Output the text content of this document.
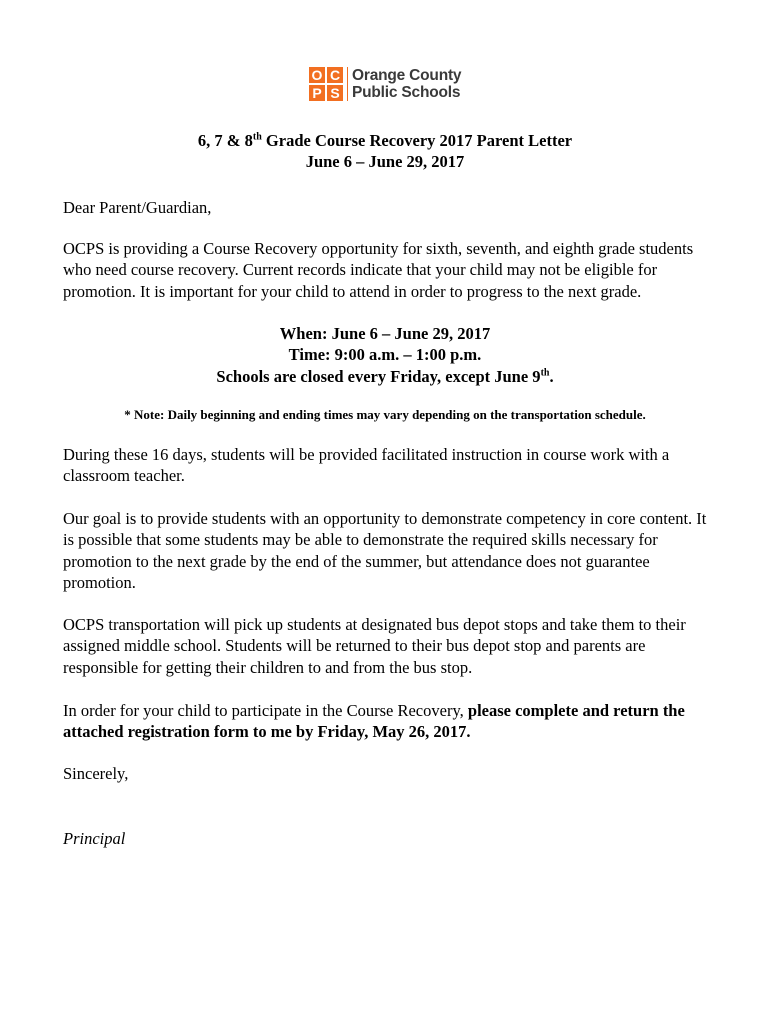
O C
P S
Orange County
Public Schools
6, 7 & 8th Grade Course Recovery 2017 Parent Letter
June 6 – June 29, 2017
Dear Parent/Guardian,
OCPS is providing a Course Recovery opportunity for sixth, seventh, and eighth grade students who need course recovery. Current records indicate that your child may not be eligible for promotion. It is important for your child to attend in order to progress to the next grade.
When: June 6 – June 29, 2017
Time: 9:00 a.m. – 1:00 p.m.
Schools are closed every Friday, except June 9th.
* Note: Daily beginning and ending times may vary depending on the transportation schedule.
During these 16 days, students will be provided facilitated instruction in course work with a classroom teacher.
Our goal is to provide students with an opportunity to demonstrate competency in core content. It is possible that some students may be able to demonstrate the required skills necessary for promotion to the next grade by the end of the summer, but attendance does not guarantee promotion.
OCPS transportation will pick up students at designated bus depot stops and take them to their assigned middle school. Students will be returned to their bus depot stop and parents are responsible for getting their children to and from the bus stop.
In order for your child to participate in the Course Recovery, please complete and return the attached registration form to me by Friday, May 26, 2017.
Sincerely,
Principal
